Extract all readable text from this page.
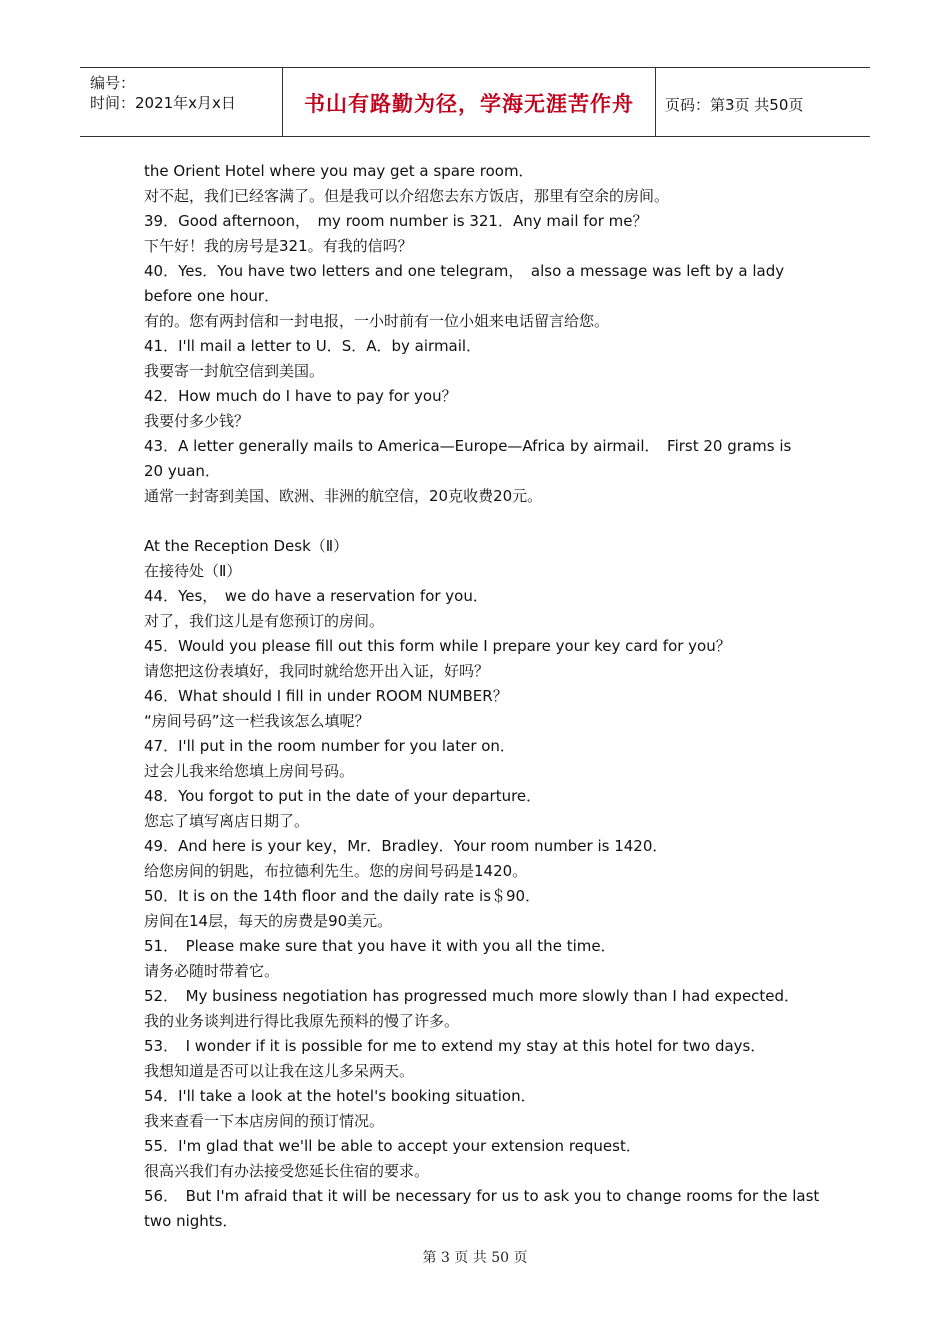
编号：
时间：2021年x月x日	书山有路勤为径，学海无涯苦作舟	页码：第3页 共50页
the Orient Hotel where you may get a spare room．
对不起，我们已经客满了。但是我可以介绍您去东方饭店，那里有空余的房间。
39．Good afternoon，　my room number is 321．Any mail for me？
下午好！我的房号是321。有我的信吗？
40．Yes．You have two letters and one telegram，　also a message was left by a lady
before one hour．
有的。您有两封信和一封电报，一小时前有一位小姐来电话留言给您。
41．I'll mail a letter to U．S．A．by airmail．
我要寄一封航空信到美国。
42．How much do I have to pay for you？
我要付多少钱？
43．A letter generally mails to America—Europe—Africa by airmail．　First 20 grams is
20 yuan．
通常一封寄到美国、欧洲、非洲的航空信，20克收费20元。
At the Reception Desk（Ⅱ）
在接待处（Ⅱ）
44．Yes，　we do have a reservation for you．
对了，我们这儿是有您预订的房间。
45．Would you please fill out this form while I prepare your key card for you？
请您把这份表填好，我同时就给您开出入证，好吗？
46．What should I fill in under ROOM NUMBER？
“房间号码”这一栏我该怎么填呢？
47．I'll put in the room number for you later on．
过会儿我来给您填上房间号码。
48．You forgot to put in the date of your departure．
您忘了填写离店日期了。
49．And here is your key，Mr．Bradley．Your room number is 1420．
给您房间的钥匙，布拉德利先生。您的房间号码是1420。
50．It is on the 14th floor and the daily rate is＄90．
房间在14层，每天的房费是90美元。
51．　Please make sure that you have it with you all the time．
请务必随时带着它。
52．　My business negotiation has progressed much more slowly than I had expected．
我的业务谈判进行得比我原先预料的慢了许多。
53．　I wonder if it is possible for me to extend my stay at this hotel for two days．
我想知道是否可以让我在这儿多呆两天。
54．I'll take a look at the hotel's booking situation．
我来查看一下本店房间的预订情况。
55．I'm glad that we'll be able to accept your extension request．
很高兴我们有办法接受您延长住宿的要求。
56．　But I'm afraid that it will be necessary for us to ask you to change rooms for the last
two nights．
第 3 页 共 50 页
